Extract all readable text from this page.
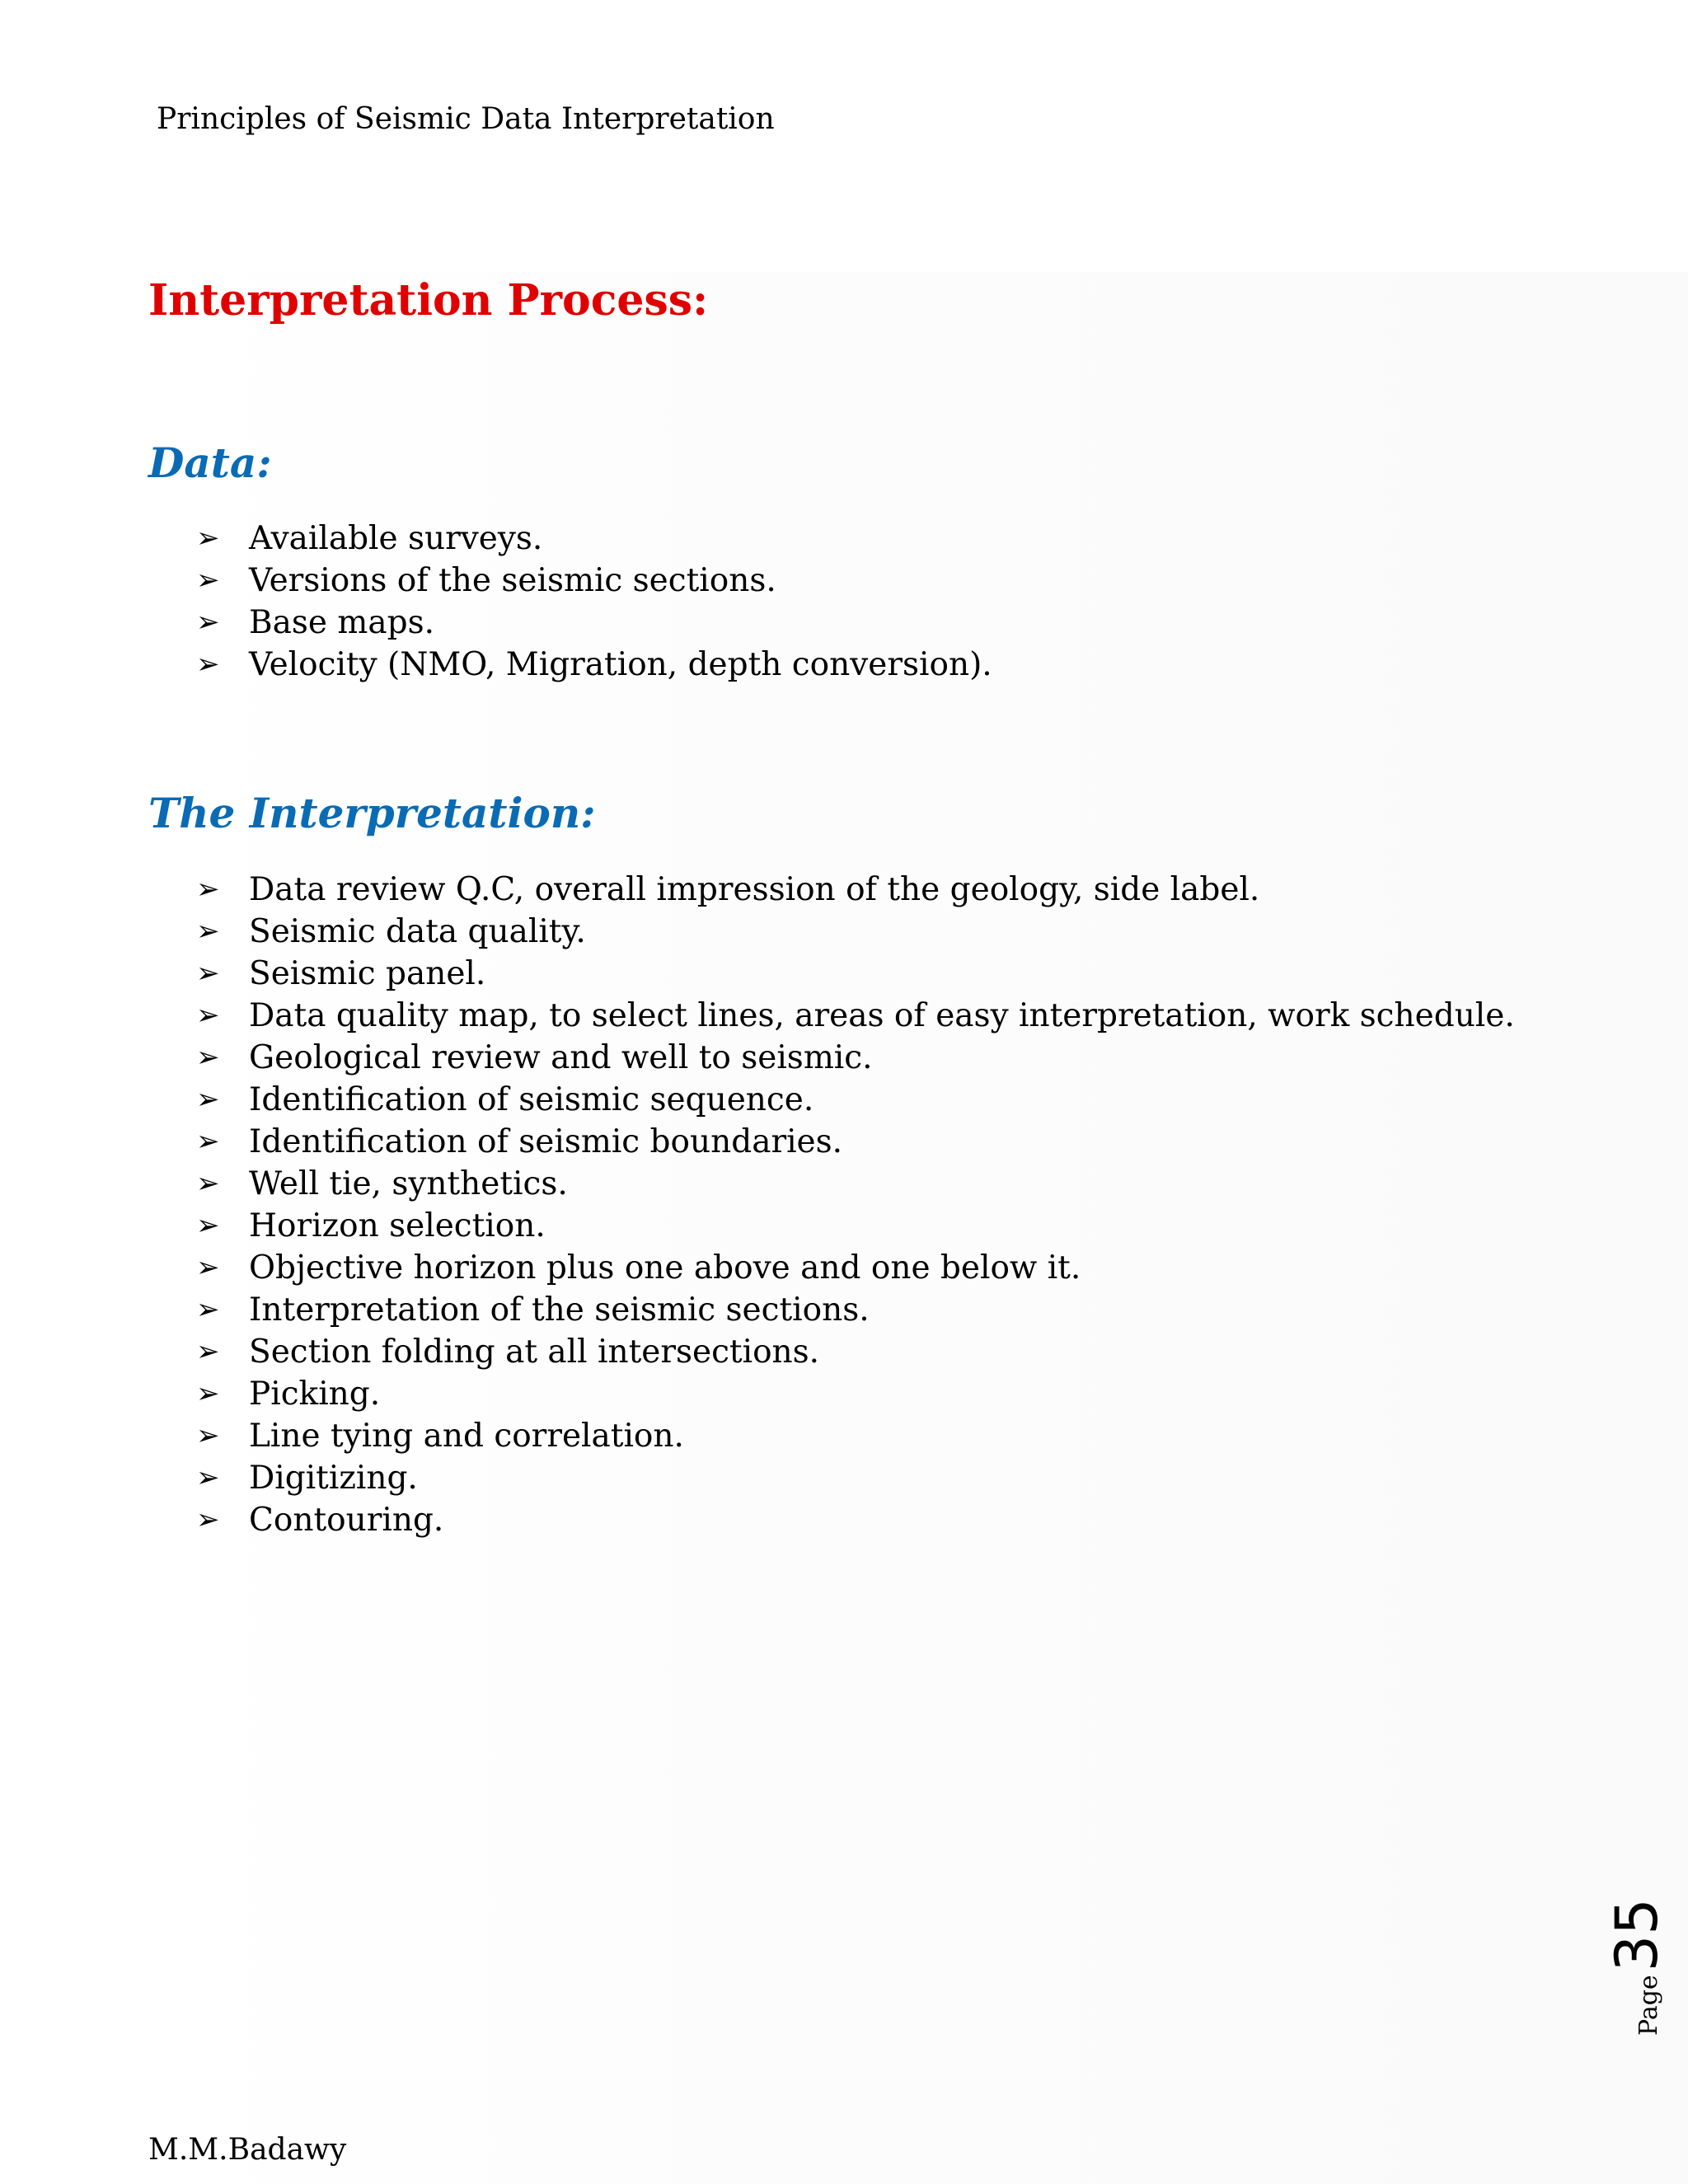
Principles of Seismic Data Interpretation
Interpretation Process:
Data:
➢ Available surveys.
➢ Versions of the seismic sections.
➢ Base maps.
➢ Velocity (NMO, Migration, depth conversion).
The Interpretation:
➢ Data review Q.C, overall impression of the geology, side label.
➢ Seismic data quality.
➢ Seismic panel.
➢ Data quality map, to select lines, areas of easy interpretation, work schedule.
➢ Geological review and well to seismic.
➢ Identification of seismic sequence.
➢ Identification of seismic boundaries.
➢ Well tie, synthetics.
➢ Horizon selection.
➢ Objective horizon plus one above and one below it.
➢ Interpretation of the seismic sections.
➢ Section folding at all intersections.
➢ Picking.
➢ Line tying and correlation.
➢ Digitizing.
➢ Contouring.
Page
35
M.M.Badawy
